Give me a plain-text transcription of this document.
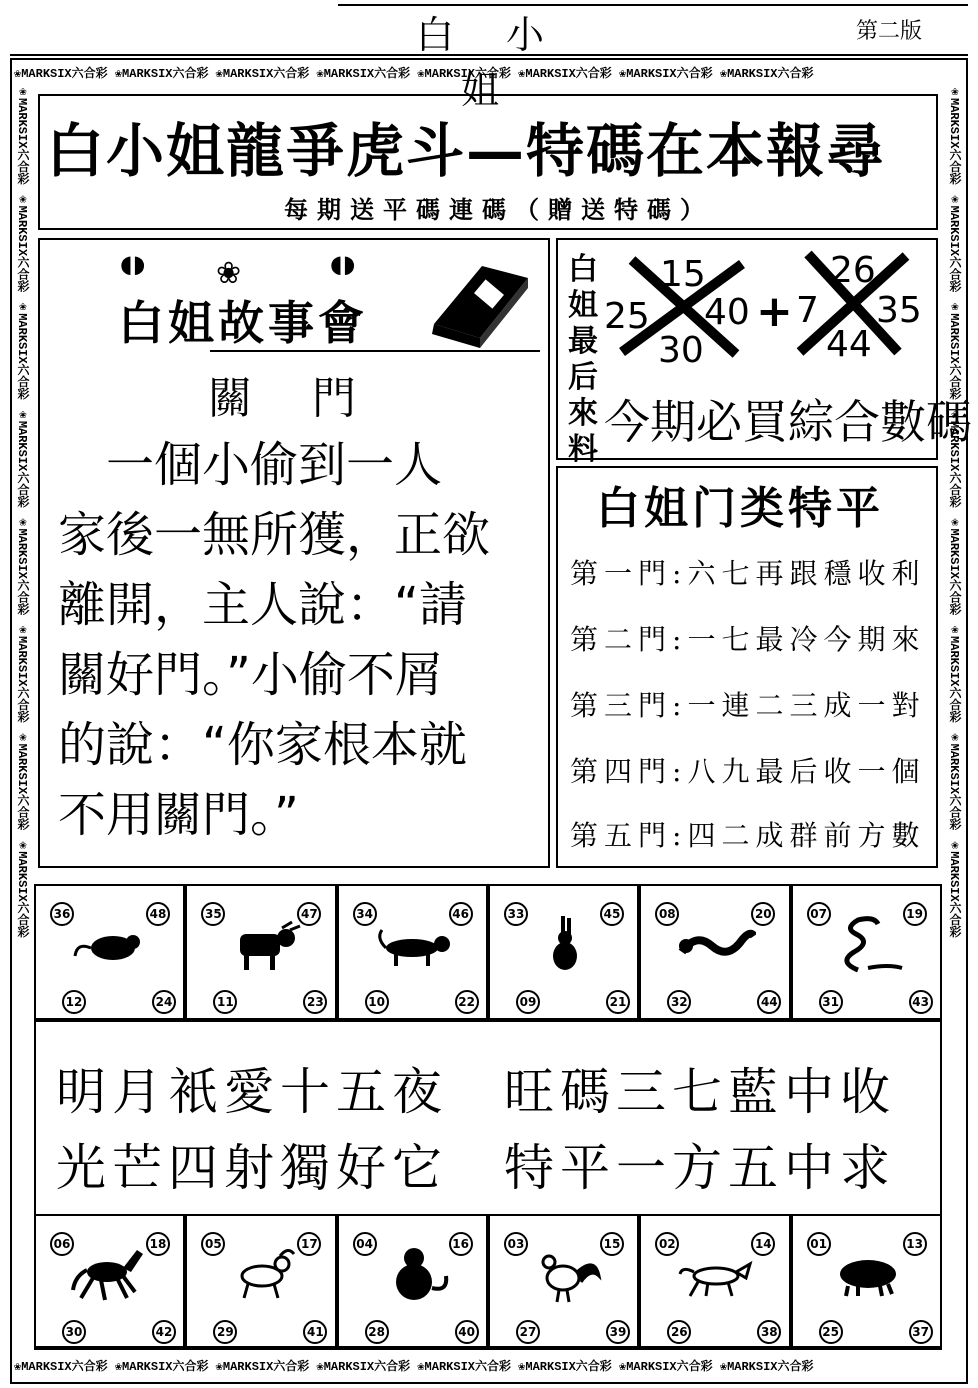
白 小 姐
第二版
❀MARKSIX六合彩 ❀MARKSIX六合彩 ❀MARKSIX六合彩 ❀MARKSIX六合彩 ❀MARKSIX六合彩 ❀MARKSIX六合彩 ❀MARKSIX六合彩 ❀MARKSIX六合彩
❀MARKSIX六合彩 ❀MARKSIX六合彩 ❀MARKSIX六合彩 ❀MARKSIX六合彩 ❀MARKSIX六合彩 ❀MARKSIX六合彩 ❀MARKSIX六合彩 ❀MARKSIX六合彩
❀MARKSIX六合彩 ❀MARKSIX六合彩 ❀MARKSIX六合彩 ❀MARKSIX六合彩 ❀MARKSIX六合彩 ❀MARKSIX六合彩 ❀MARKSIX六合彩 ❀MARKSIX六合彩	❀MARKSIX六合彩 ❀MARKSIX六合彩 ❀MARKSIX六合彩 ❀MARKSIX六合彩 ❀MARKSIX六合彩 ❀MARKSIX六合彩 ❀MARKSIX六合彩 ❀MARKSIX六合彩
白小姐龍爭虎斗—特碼在本報尋
每期送平碼連碼（贈送特碼）
❀
◖◗	◖◗
白姐故事會
關門

　一個小偷到一人

家後一無所獲，正欲

離開，主人說：“請

關好門。”小偷不屑

的說：“你家根本就

不用關門。”

白姐最后來料
15
25 40
30
+
26
7 35
44
今期必買綜合數碼
白姐门类特平
第一門:六七再跟穩收利
第二門:一七最冷今期來
第三門:一連二三成一對
第四門:八九最后收一個
第五門:四二成群前方數
36	48
12	24
35	47
11	23
34	46
10	22
33	45
09	21
08	20
32	44
07	19
31	43
明月衹愛十五夜　旺碼三七藍中收
光芒四射獨好它　特平一方五中求
06	18
30	42
05	17
29	41
04	16
28	40
03	15
27	39
02	14
26	38
01	13
25	37
